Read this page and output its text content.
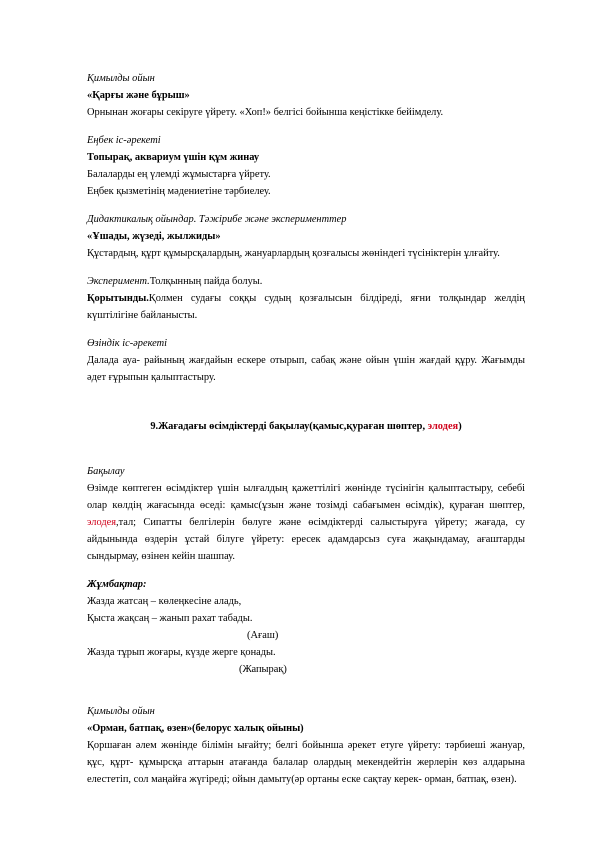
Қимылды ойын

«Қарғы және бұрыш»

Орнынан жоғары секіруге үйрету. «Хоп!» белгісі бойынша кеңістікке бейімделу.

Еңбек іс-әрекеті

Топырақ, аквариум үшін құм жинау

Балаларды ең үлемді жұмыстарға үйрету.

Еңбек қызметінің мәдениетіне тәрбиелеу.

Дидактикалық ойындар. Тәжірибе және эксперименттер

«Ұшады, жүзеді, жылжиды»

Құстардың, құрт құмырсқалардың, жануарлардың қозғалысы жөніндегі түсініктерін ұлғайту.

Эксперимент.Толқынның пайда болуы.

Қорытынды.Қолмен судағы соққы судың қозғалысын білдіреді, яғни толқындар желдің күштілігіне байланысты.

Өзіндік іс-әрекеті

Далада ауа- райының жағдайын ескере отырып, сабақ және ойын үшін жағдай құру. Жағымды әдет ғұрыпын қалыптастыру.

9.Жағадағы өсімдіктерді бақылау(қамыс,қураған шөптер, элодея)

Бақылау

Өзімде көптеген өсімдіктер үшін ылғалдың қажеттілігі жөнінде түсінігін қалыптастыру, себебі олар көлдің жағасында өседі: қамыс(ұзын және тозімді сабағымен өсімдік), қураған шөптер, элодея,тал; Сипатты белгілерін бөлуге және өсімдіктерді салыстыруға үйрету; жағада, су айдынында өздерін ұстай білуге үйрету: ересек адамдарсыз суға жақындамау, ағаштарды сындырмау, өзінен кейін шашпау.

Жұмбақтар:

Жазда жатсаң – көлеңкесіне аладь,

Қыста жақсаң – жанып рахат табады.

(Ағаш)

Жазда тұрып жоғары, күзде жерге қонады.

(Жапырақ)

Қимылды ойын

«Орман, батпақ, өзен»(белорус халық ойыны)

Қоршаған әлем жөнінде білімін ығайту; белгі бойынша әрекет етуге үйрету: тәрбиеші жануар, құс, құрт- құмырсқа аттарын атағанда балалар олардың мекендейтін жерлерін көз алдарына елестетіп, сол маңайға жүгіреді; ойын дамыту(әр ортаны еске сақтау керек- орман, батпақ, өзен).
